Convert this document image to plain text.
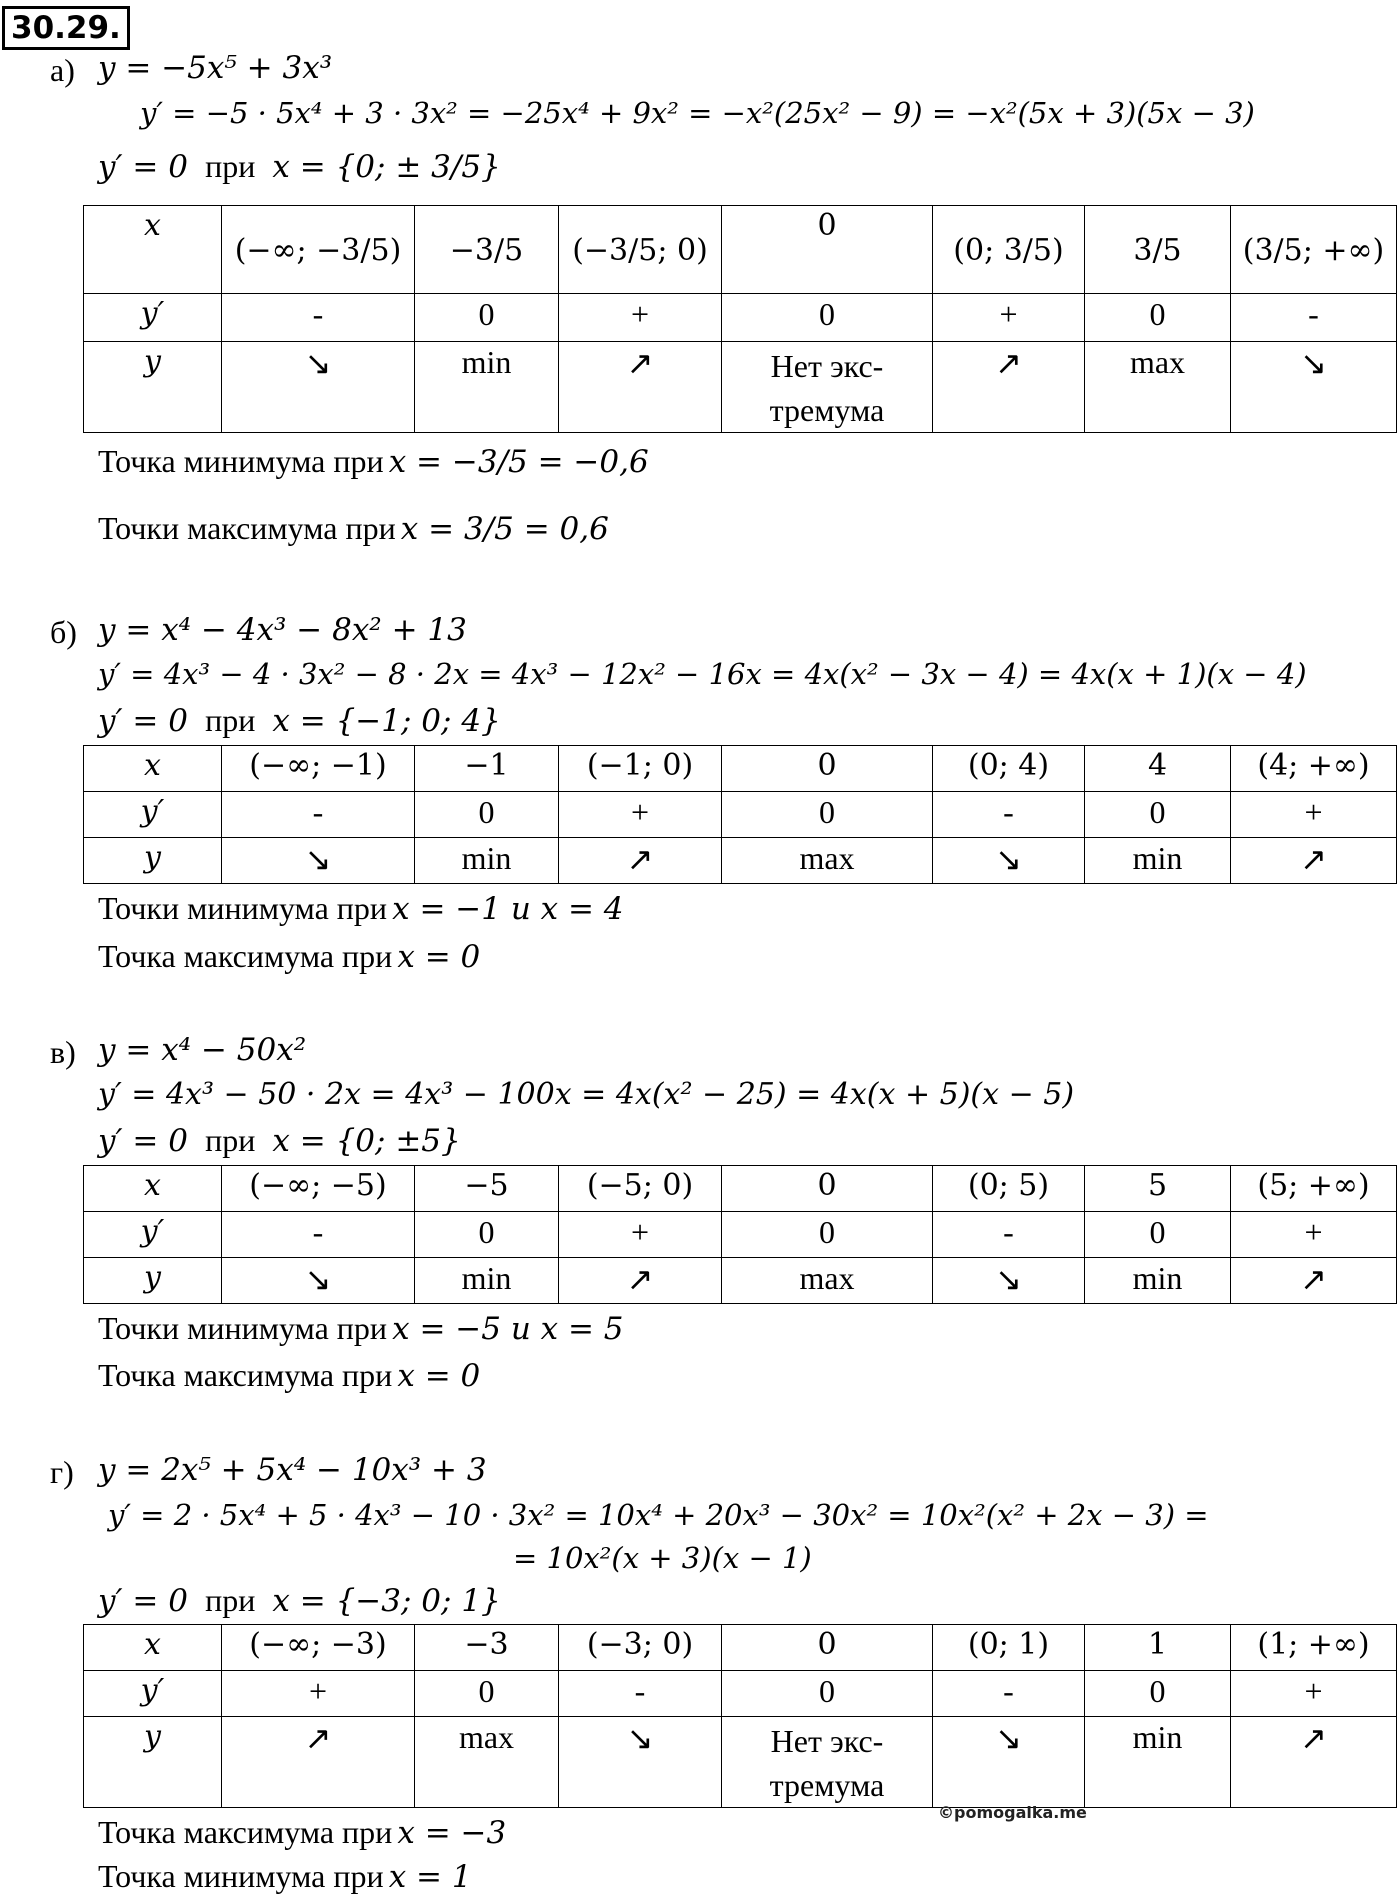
30.29.
а) y = −5x⁵ + 3x³
y′ = −5 · 5x⁴ + 3 · 3x² = −25x⁴ + 9x² = −x²(25x² − 9) = −x²(5x + 3)(5x − 3)
y′ = 0 при x = {0; ± 3/5}
x	(−∞; −3/5)	−3/5	(−3/5; 0)	0	(0; 3/5)	3/5	(3/5; +∞)
y′	-	0	+	0	+	0	-
y	↘	min	↗	Нет экс-тремума	↗	max	↘
Точка минимума при x = −3/5 = −0,6
Точки максимума при x = 3/5 = 0,6
б) y = x⁴ − 4x³ − 8x² + 13
y′ = 4x³ − 4 · 3x² − 8 · 2x = 4x³ − 12x² − 16x = 4x(x² − 3x − 4) = 4x(x + 1)(x − 4)
y′ = 0 при x = {−1; 0; 4}
x	(−∞; −1)	−1	(−1; 0)	0	(0; 4)	4	(4; +∞)
y′	-	0	+	0	-	0	+
y	↘	min	↗	max	↘	min	↗
Точки минимума при x = −1 и x = 4
Точка максимума при x = 0
в) y = x⁴ − 50x²
y′ = 4x³ − 50 · 2x = 4x³ − 100x = 4x(x² − 25) = 4x(x + 5)(x − 5)
y′ = 0 при x = {0; ±5}
x	(−∞; −5)	−5	(−5; 0)	0	(0; 5)	5	(5; +∞)
y′	-	0	+	0	-	0	+
y	↘	min	↗	max	↘	min	↗
Точки минимума при x = −5 и x = 5
Точка максимума при x = 0
г) y = 2x⁵ + 5x⁴ − 10x³ + 3
y′ = 2 · 5x⁴ + 5 · 4x³ − 10 · 3x² = 10x⁴ + 20x³ − 30x² = 10x²(x² + 2x − 3) =
= 10x²(x + 3)(x − 1)
y′ = 0 при x = {−3; 0; 1}
x	(−∞; −3)	−3	(−3; 0)	0	(0; 1)	1	(1; +∞)
y′	+	0	-	0	-	0	+
y	↗	max	↘	Нет экс-тремума	↘	min	↗
Точка максимума при x = −3
Точка минимума при x = 1
©pomogalka.me
